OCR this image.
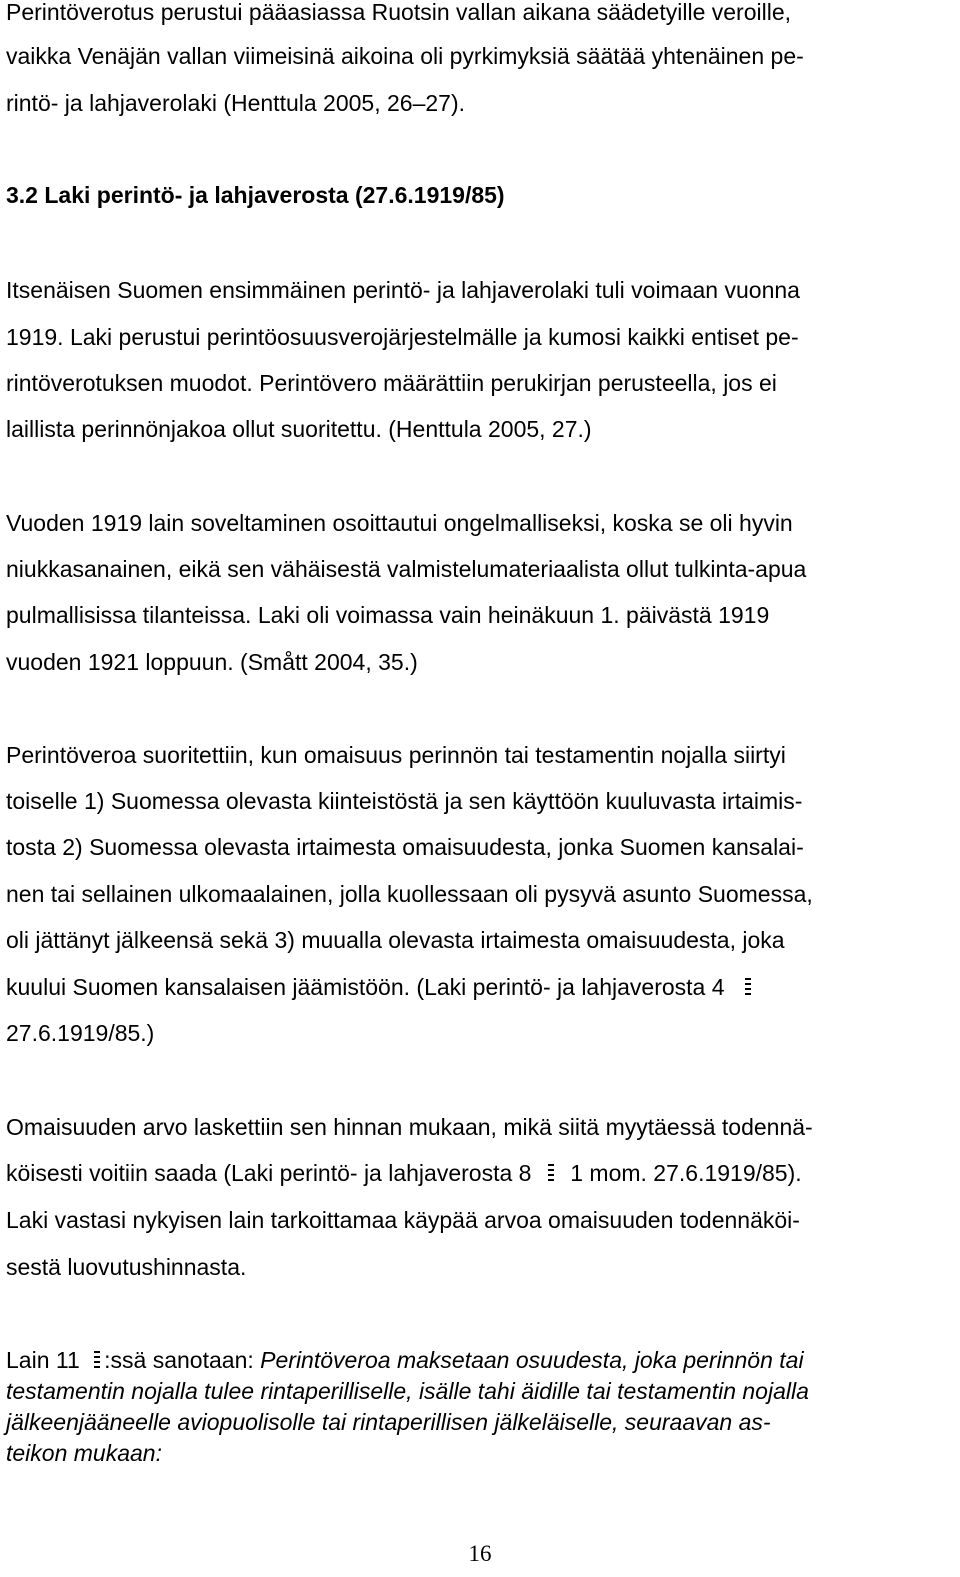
Perintöverotus perustui pääasiassa Ruotsin vallan aikana säädetyille veroille,
vaikka Venäjän vallan viimeisinä aikoina oli pyrkimyksiä säätää yhtenäinen pe-
rintö- ja lahjaverolaki (Henttula 2005, 26–27).
3.2 Laki perintö- ja lahjaverosta (27.6.1919/85)
Itsenäisen Suomen ensimmäinen perintö- ja lahjaverolaki tuli voimaan vuonna
1919. Laki perustui perintöosuusverojärjestelmälle ja kumosi kaikki entiset pe-
rintöverotuksen muodot. Perintövero määrättiin perukirjan perusteella, jos ei
laillista perinnönjakoa ollut suoritettu. (Henttula 2005, 27.)
Vuoden 1919 lain soveltaminen osoittautui ongelmalliseksi, koska se oli hyvin
niukkasanainen, eikä sen vähäisestä valmistelumateriaalista ollut tulkinta-apua
pulmallisissa tilanteissa. Laki oli voimassa vain heinäkuun 1. päivästä 1919
vuoden 1921 loppuun. (Smått 2004, 35.)
Perintöveroa suoritettiin, kun omaisuus perinnön tai testamentin nojalla siirtyi
toiselle 1) Suomessa olevasta kiinteistöstä ja sen käyttöön kuuluvasta irtaimis-
tosta 2) Suomessa olevasta irtaimesta omaisuudesta, jonka Suomen kansalai-
nen tai sellainen ulkomaalainen, jolla kuollessaan oli pysyvä asunto Suomessa,
oli jättänyt jälkeensä sekä 3) muualla olevasta irtaimesta omaisuudesta, joka
kuului Suomen kansalaisen jäämistöön. (Laki perintö- ja lahjaverosta 4
27.6.1919/85.)
Omaisuuden arvo laskettiin sen hinnan mukaan, mikä siitä myytäessä todennä-
köisesti voitiin saada (Laki perintö- ja lahjaverosta 8 1 mom. 27.6.1919/85).
Laki vastasi nykyisen lain tarkoittamaa käypää arvoa omaisuuden todennäköi-
sestä luovutushinnasta.
Lain 11 :ssä sanotaan: Perintöveroa maksetaan osuudesta, joka perinnön tai
testamentin nojalla tulee rintaperilliselle, isälle tahi äidille tai testamentin nojalla
jälkeenjääneelle aviopuolisolle tai rintaperillisen jälkeläiselle, seuraavan as-
teikon mukaan:
16
